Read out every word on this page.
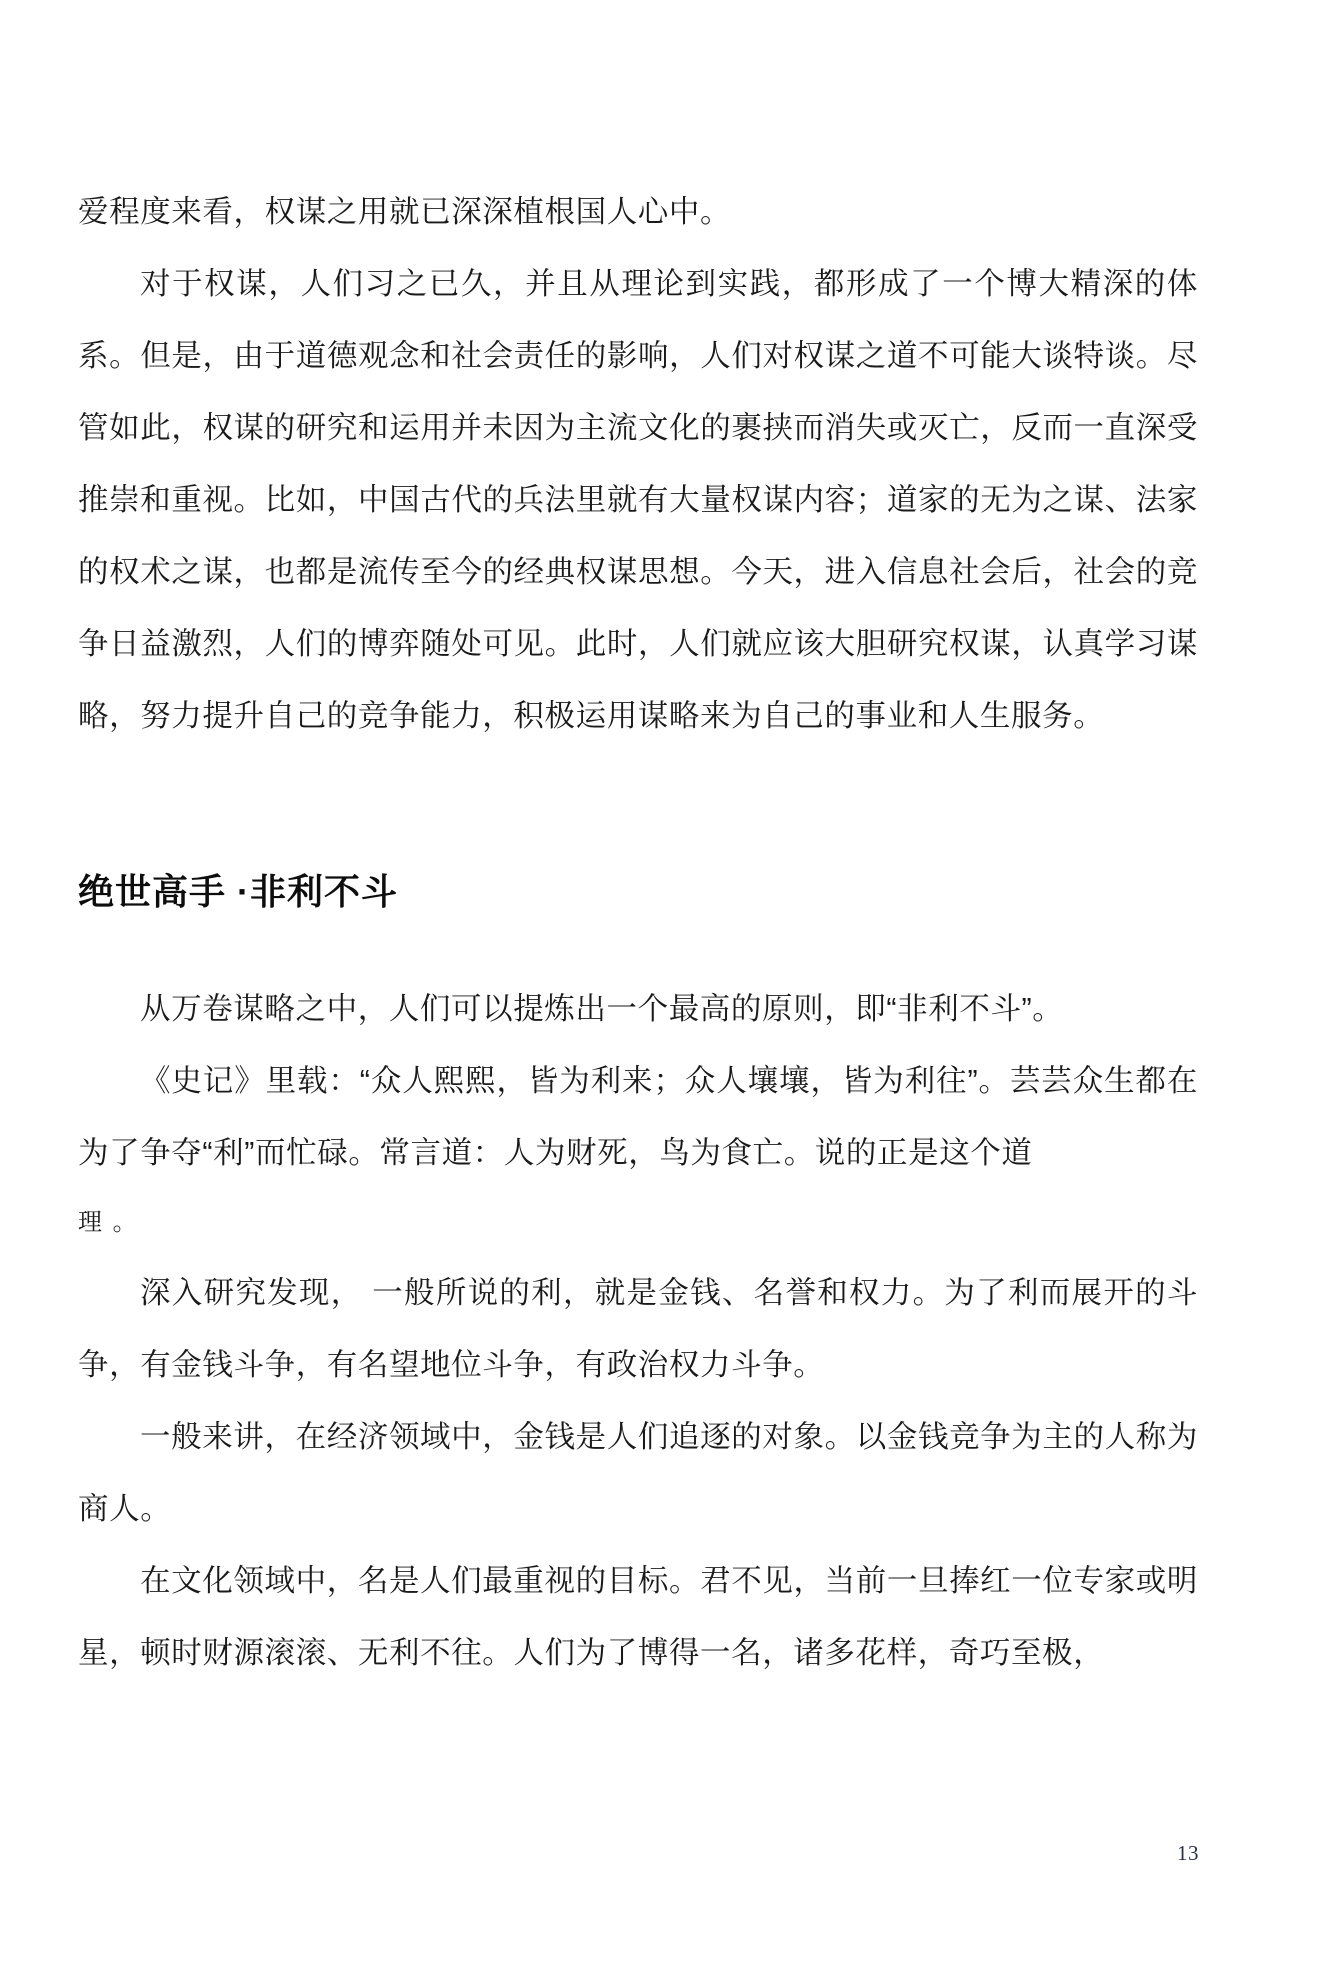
爱程度来看，权谋之用就已深深植根国人心中。

对于权谋，人们习之已久，并且从理论到实践，都形成了一个博大精深的体系。但是，由于道德观念和社会责任的影响，人们对权谋之道不可能大谈特谈。尽管如此，权谋的研究和运用并未因为主流文化的裹挟而消失或灭亡，反而一直深受推崇和重视。比如，中国古代的兵法里就有大量权谋内容；道家的无为之谋、法家的权术之谋，也都是流传至今的经典权谋思想。今天，进入信息社会后，社会的竞争日益激烈，人们的博弈随处可见。此时，人们就应该大胆研究权谋，认真学习谋略，努力提升自己的竞争能力，积极运用谋略来为自己的事业和人生服务。

绝世高手 ·非利不斗

从万卷谋略之中，人们可以提炼出一个最高的原则，即“非利不斗”。

《史记》里载：“众人熙熙，皆为利来；众人壤壤，皆为利往”。芸芸众生都在为了争夺“利”而忙碌。常言道：人为财死，鸟为食亡。说的正是这个道

理 。

深入研究发现， 一般所说的利，就是金钱、名誉和权力。为了利而展开的斗争，有金钱斗争，有名望地位斗争，有政治权力斗争。

一般来讲，在经济领域中，金钱是人们追逐的对象。以金钱竞争为主的人称为商人。

在文化领域中，名是人们最重视的目标。君不见，当前一旦捧红一位专家或明星，顿时财源滚滚、无利不往。人们为了博得一名，诸多花样，奇巧至极，

13
